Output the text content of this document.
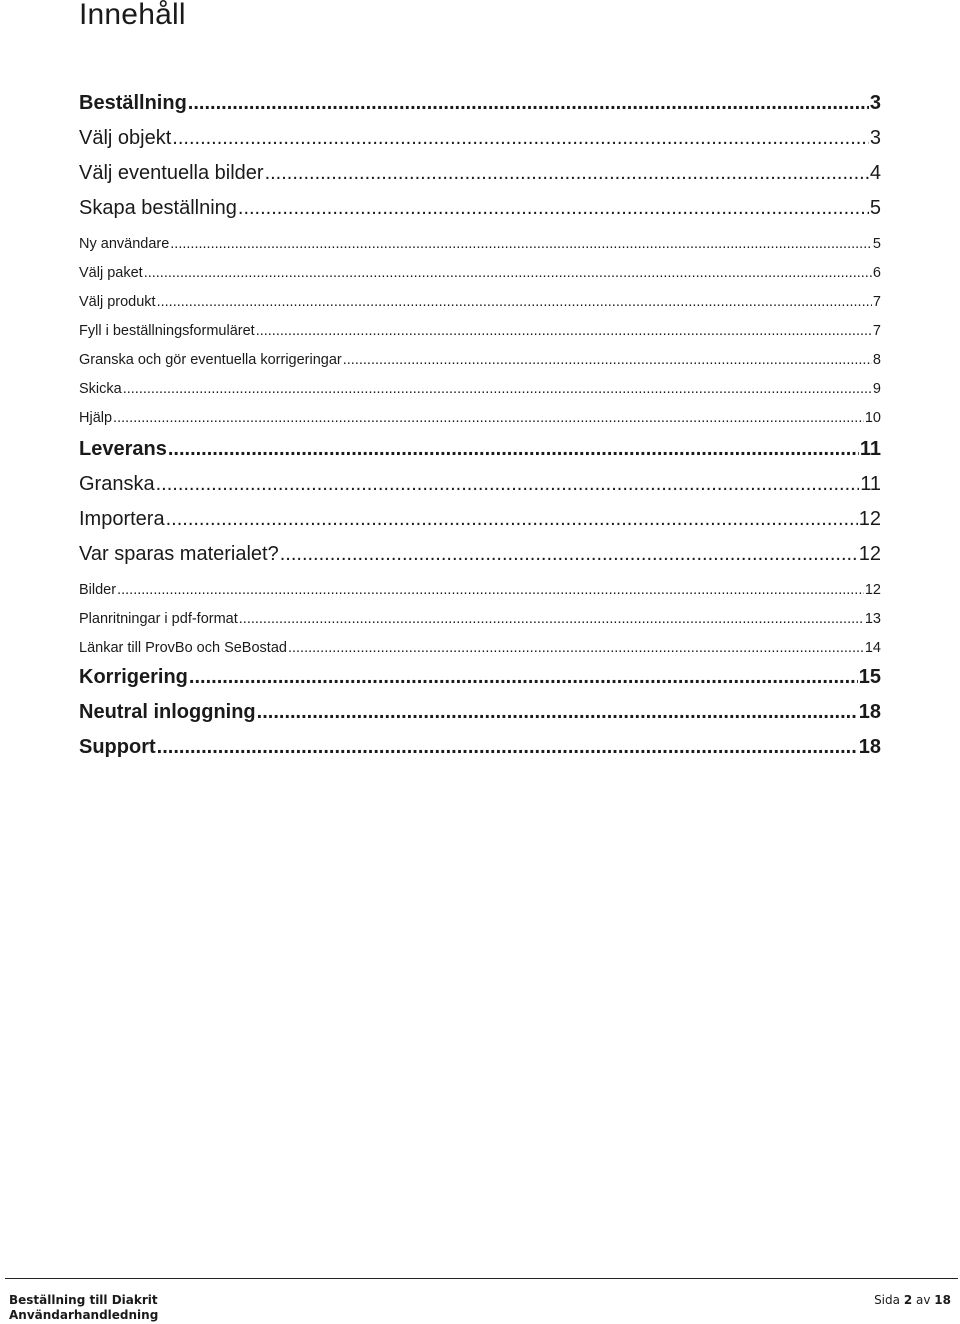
Innehåll
Beställning .....	3
Välj objekt .....	3
Välj eventuella bilder .....	4
Skapa beställning .....	5
Ny användare .....	5
Välj paket .....	6
Välj produkt .....	7
Fyll i beställningsformuläret .....	7
Granska och gör eventuella korrigeringar .....	8
Skicka .....	9
Hjälp .....	10
Leverans .....	11
Granska .....	11
Importera .....	12
Var sparas materialet? .....	12
Bilder .....	12
Planritningar i pdf-format .....	13
Länkar till ProvBo och SeBostad .....	14
Korrigering .....	15
Neutral inloggning .....	18
Support .....	18
Beställning till Diakrit
Användarhandledning
Sida 2 av 18
